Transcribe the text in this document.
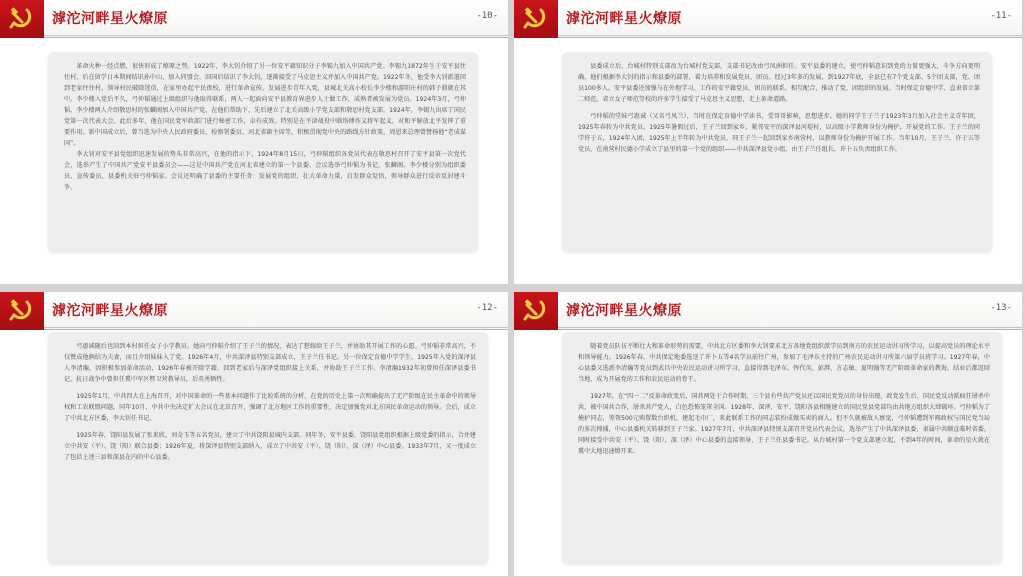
滹沱河畔星火燎原	-10-

革命火种一经点燃，很快形成了燎原之势。1922年，李大钊介绍了另一位安平籍知识分子李锡九加入中国共产党。李锡九1872年生于安平县往往村，后在留学日本期间结识孙中山，加入同盟会，回国后结识了李大钊，逐渐接受了马克思主义并加入中国共产党。1922年冬，他受李大钊派遣回到老家往往村，领导村民破除迷信，在家里办起平民夜校，进行革命宣传，发展进步青年入党，县城北关高小校长李少楼和游阳庄村的韩子鼎就在其中。李少楼入党后不久，弓仲韬通过上级组织与他取得联系，两人一起面向安平县教育界进步人士做工作，成熟者被发展为党员。1924年3月，弓仲韬、李少楼两人介绍敬思村的张麟阁加入中国共产党。在他们帮助下，先后建立了北关高级小学党支部和敬思村党支部。1924年，李锡九出席了国民党第一次代表大会。此后多年，他在国民党军政部门进行秘密工作，卓有成效。特别是在平津战役中联络傅作义将军起义，对和平解放北平发挥了重要作用。新中国成立后，曾当选为中央人民政府委员、检察署委员、河北省副主席等，积极贯彻党中央的路线方针政策，周恩来总理曾赞扬他“老成谋国”。

李大钊对安平县党组织迅速发展的势头非常高兴，在他的指示下，1924年8月15日，弓仲韬组织各党员代表在敬思村召开了安平县第一次党代会，选举产生了中国共产党安平县委员会——这是中国共产党在河北省建立的第一个县委。会议选举弓仲韬为书记，张麟阁、李少楼分别为组织委员、宣传委员，县委机关驻弓仲韬家。会议还明确了县委的主要任务：发展党的组织，壮大革命力量，启发群众觉悟，领导群众进行反帝反封建斗争。

滹沱河畔星火燎原	-11-

县委成立后，台城村特别支部改为台城村党支部，支部书记改由弓凤洲担任。安平县委的建立，使弓仲韬意识到党的力量更强大，斗争方向更明确。他们根据李大钊的指示和县委的部署，着力培养和发展党员、团员。经过3年多的发展，到1927年底，全县已有7个党支部、5个团支部，党、团员100多人。安平县委还加强与在外地学习、工作的安平籍党员、团员的联系，相互配合，推动了党、团组织的发展。当时保定育德中学、直隶省立第二师范、省立女子师范等校的许多学生接受了马克思主义思想，走上革命道路。

弓仲韬的堂妹弓惠诚（又名弓凤兰），当时在保定育德中学读书，受哥哥影响，思想进步。她的同学王子兰于1923年3月加入社会主义青年团，1925年春转为中共党员。1925年暑假过后，王子兰回到家乡，紧邻安平的深泽县河堤村，以高级小学教师身份为掩护，开展党的工作。王子兰的同学许于五，1924年入团，1925年上半年转为中共党员，同王子兰一起回到家乡南营村，以教师身份为掩护开展工作。当年10月，王子兰、许于五等党员，在南营村民德小学成立了县里的第一个党的组织——中共深泽县党小组，由王子兰任组长，许卜五负责组织工作。

滹沱河畔星火燎原	-12-

弓惠诚随后也回到本村担任女子小学教员。她向弓仲韬介绍了王子兰的情况，表达了想嫁给王子兰，并协助其开展工作的心愿。弓仲韬非常高兴，不仅赞成他俩结为夫妻，而且介绍妹妹入了党。1926年4月，中共深泽县特别支部成立，王子兰任书记。另一位保定育德中学学生、1925年入党的深泽县人李清瀚，因积极参加革命活动，1926年春被开除学籍，回到老家后与深泽党组织接上关系，并协助王子兰工作。李清瀚1932年初曾担任深泽县委书记，抗日战争中曾担任冀中军区暨卫营教导员，后英勇牺牲。

1925年1月，中共四大在上海召开，对中国革命的一些基本问题作了比较系统的分析，在党的历史上第一次明确提出了无产阶级在民主革命中的领导权和工农联盟问题。同年10月，中共中央决定扩大会议在北京召开，强调了北方地区工作的重要性，决定加强党对北方国民革命运动的领导。会后，成立了中共北方区委，李大钊任书记。

1925年春，饶阳县发展了张来欣、刘金玉等五名党员，建立了中共饶阳县城内支部。同年冬，安平县委、饶阳县党组织根据上级党委的指示，合并建立中共安（平）、饶（阳）联合县委；1926年夏，将深泽县特别支部纳入，成立了中共安（平）、饶（阳）、深（泽）中心县委。1933年7月，又一度成立了包括上述三县和深县在内的中心县委。

滹沱河畔星火燎原	-13-

随着党员队伍不断壮大和革命形势的需要，中共北方区委和李大钊要求北方各地党组织派学员到南方的农民运动讲习所学习，以提高党员的理论水平和领导能力。1926年春，中共保定地委选送了许卜五等4名学员前往广州，参加了毛泽东主持的广州农民运动讲习所第六届学员班学习。1927年春，中心县委又选派李清瀚等党员到武昌中央农民运动讲习所学习，直接得到毛泽东、恽代英、彭湃、方志敏、夏明翰等无产阶级革命家的教诲。结业后都返回当地，成为开展党的工作和农民运动的骨干。

1927年，在“四一二”反革命政变后，国共两处于合作时期，三个县有些共产党员还以国民党党员的身份出现，政党发生后，国民党反动派疯狂屠杀中共，被中国共合作，屠杀共产党人，白色恐怖笼罩全国。1928年，深泽、安平、饶阳各县相继建立的国民党县党部均由共地方组织大肆破坏。弓仲韬为了掩护同志，筹资500元购置数台织机，建起毛巾厂，来此联系工作的同志装扮成做买卖的商人。但不久就被敌人察觉，弓仲韬遭到军阀政权与国民党当局的多次搜捕，中心县委机关转移到王子兰家。1927年7月，中共深泽县特别支部召开党员代表会议，选举产生了中共深泽县委，隶属中共顺直临时省委，同时接受中共安（平）、饶（阳）、深（泽）中心县委的直接领导，王子兰任县委书记。从台城村第一个党支部建立起，不到4年的时间，革命的星火就在冀中大地迅速燎开来。
